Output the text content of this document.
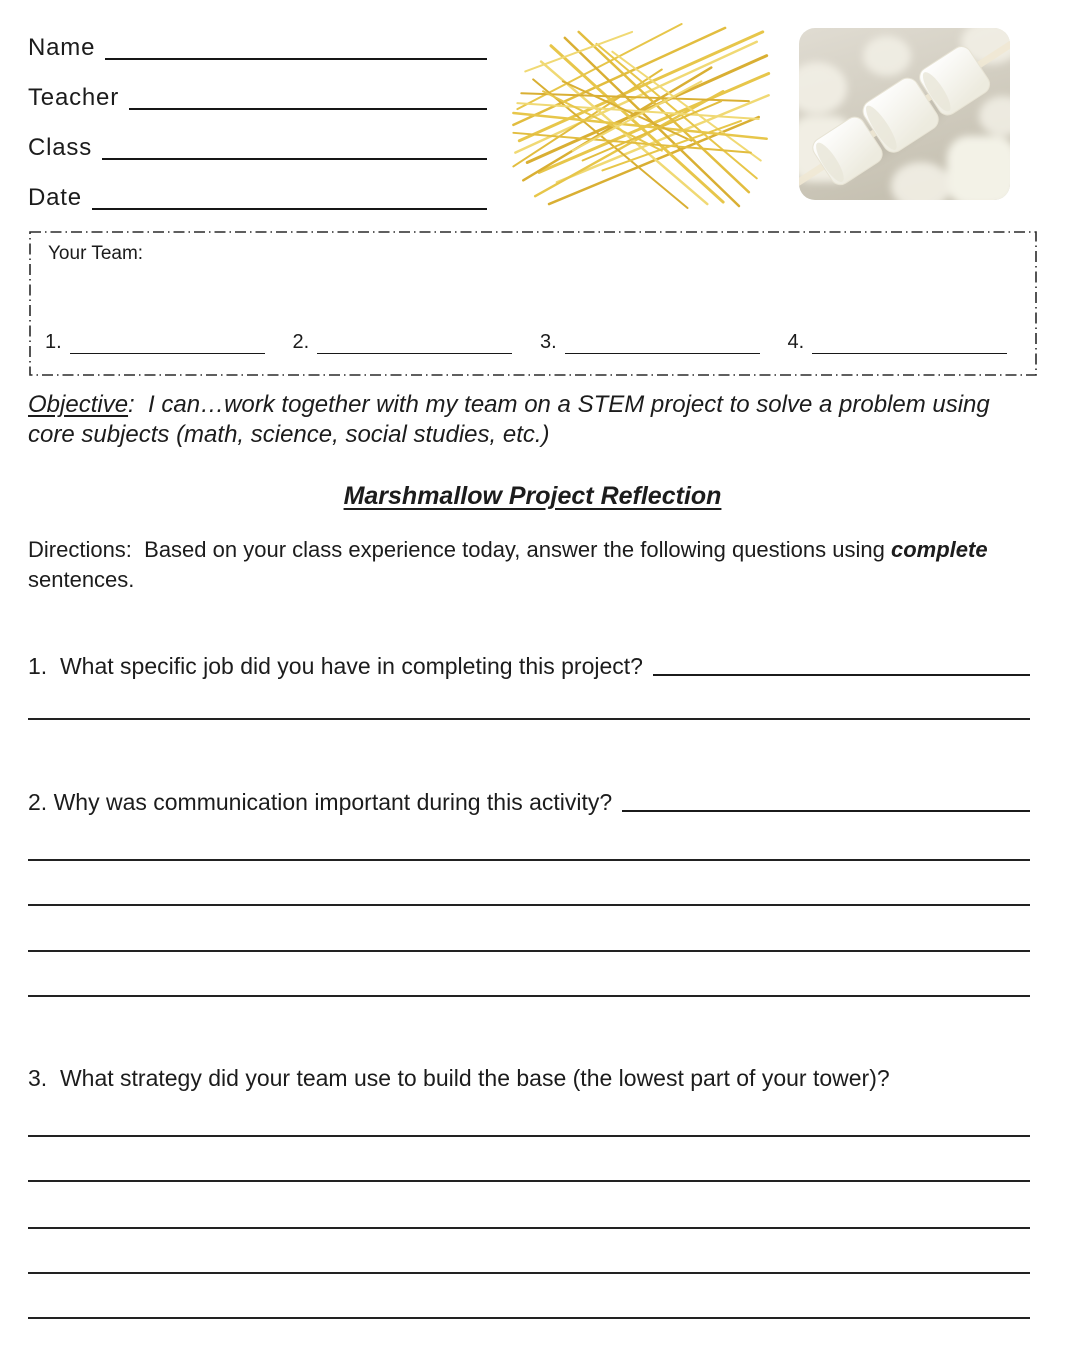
Name
Teacher
Class
Date
Your Team:
1.	2.	3.	4.

Objective:  I can…work together with my team on a STEM project to solve a problem using core subjects (math, science, social studies, etc.)

Marshmallow Project Reflection

Directions:  Based on your class experience today, answer the following questions using complete sentences.

1. What specific job did you have in completing this project?
2. Why was communication important during this activity?
3. What strategy did your team use to build the base (the lowest part of your tower)?
